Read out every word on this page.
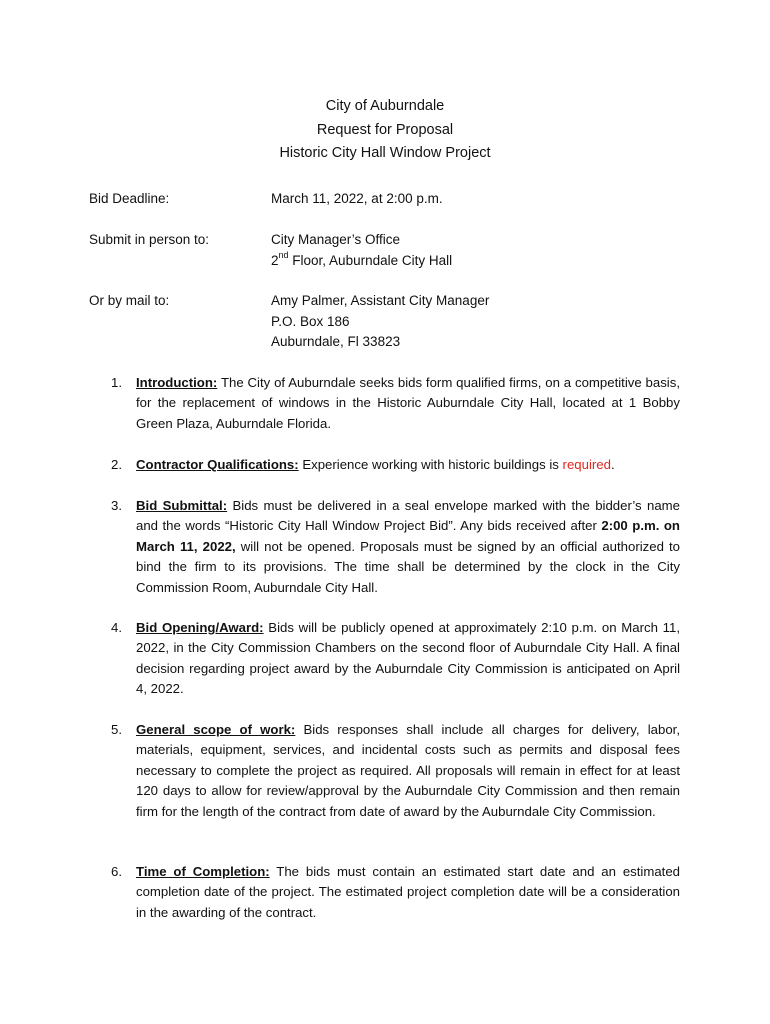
City of Auburndale
Request for Proposal
Historic City Hall Window Project
Bid Deadline:	March 11, 2022, at 2:00 p.m.
Submit in person to:	City Manager’s Office
2nd Floor, Auburndale City Hall
Or by mail to:	Amy Palmer, Assistant City Manager
P.O. Box 186
Auburndale, Fl 33823
1. Introduction: The City of Auburndale seeks bids form qualified firms, on a competitive basis, for the replacement of windows in the Historic Auburndale City Hall, located at 1 Bobby Green Plaza, Auburndale Florida.
2. Contractor Qualifications: Experience working with historic buildings is required.
3. Bid Submittal: Bids must be delivered in a seal envelope marked with the bidder’s name and the words “Historic City Hall Window Project Bid”. Any bids received after 2:00 p.m. on March 11, 2022, will not be opened. Proposals must be signed by an official authorized to bind the firm to its provisions. The time shall be determined by the clock in the City Commission Room, Auburndale City Hall.
4. Bid Opening/Award: Bids will be publicly opened at approximately 2:10 p.m. on March 11, 2022, in the City Commission Chambers on the second floor of Auburndale City Hall. A final decision regarding project award by the Auburndale City Commission is anticipated on April 4, 2022.
5. General scope of work: Bids responses shall include all charges for delivery, labor, materials, equipment, services, and incidental costs such as permits and disposal fees necessary to complete the project as required. All proposals will remain in effect for at least 120 days to allow for review/approval by the Auburndale City Commission and then remain firm for the length of the contract from date of award by the Auburndale City Commission.
6. Time of Completion: The bids must contain an estimated start date and an estimated completion date of the project. The estimated project completion date will be a consideration in the awarding of the contract.
